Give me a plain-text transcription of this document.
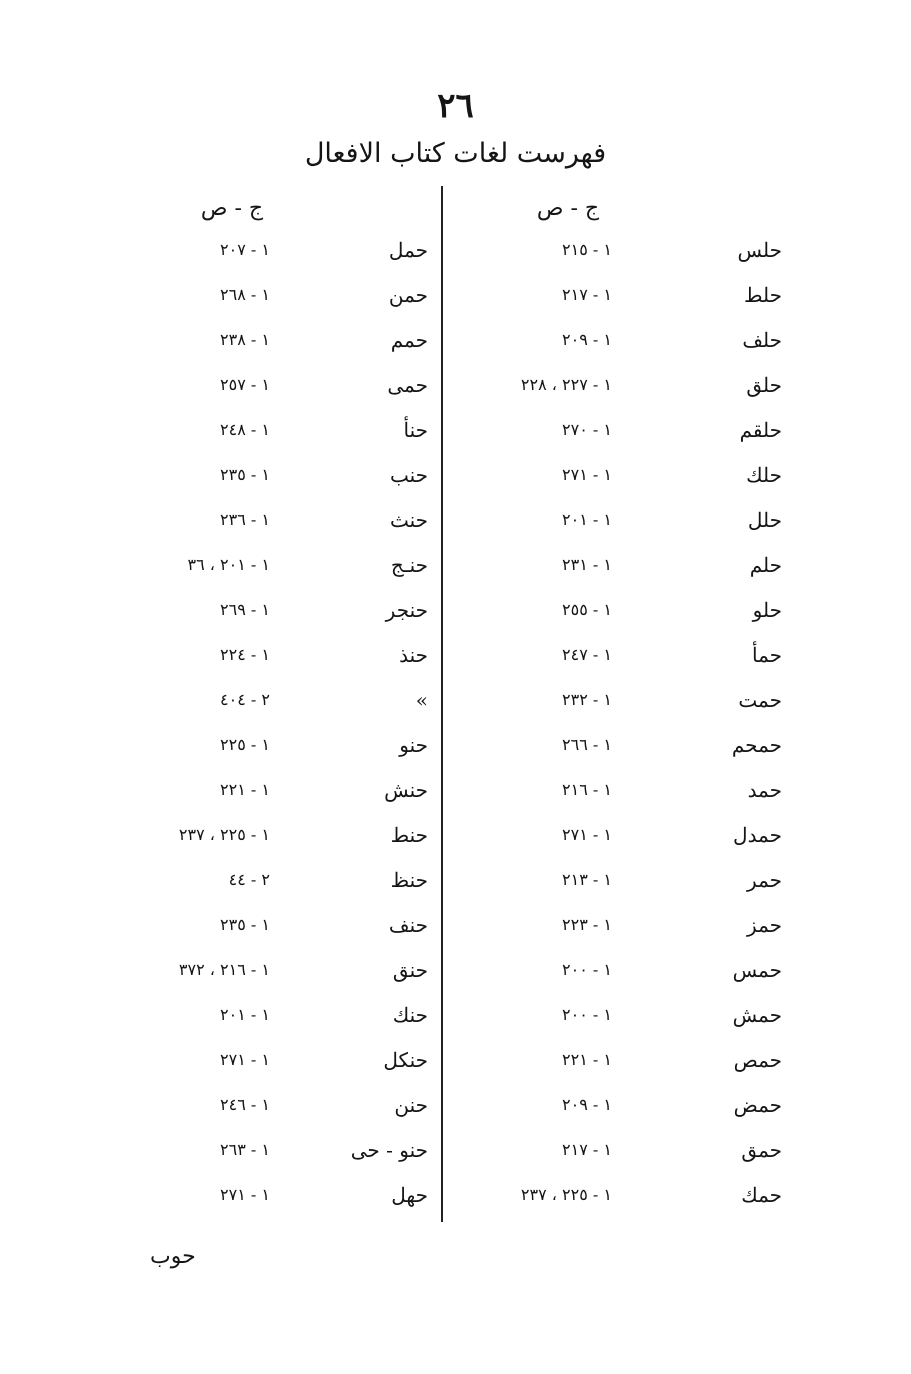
٢٦
فهرست لغات کتاب الافعال
ج - ص
ج - ص
حلس
١ - ٢١٥
حلط
١ - ٢١٧
حلف
١ - ٢٠٩
حلق
١ - ٢٢٧ ، ٢٢٨
حلقم
١ - ٢٧٠
حلك
١ - ٢٧١
حلل
١ - ٢٠١
حلم
١ - ٢٣١
حلو
١ - ٢٥٥
حمأ
١ - ٢٤٧
حمت
١ - ٢٣٢
حمحم
١ - ٢٦٦
حمد
١ - ٢١٦
حمدل
١ - ٢٧١
حمر
١ - ٢١٣
حمز
١ - ٢٢٣
حمس
١ - ٢٠٠
حمش
١ - ٢٠٠
حمص
١ - ٢٢١
حمض
١ - ٢٠٩
حمق
١ - ٢١٧
حمك
١ - ٢٢٥ ، ٢٣٧
حمل
١ - ٢٠٧
حمن
١ - ٢٦٨
حمم
١ - ٢٣٨
حمى
١ - ٢٥٧
حنأ
١ - ٢٤٨
حنب
١ - ٢٣٥
حنث
١ - ٢٣٦
حنـج
١ - ٢٠١ ، ٣٦
حنجر
١ - ٢٦٩
حنذ
١ - ٢٢٤
»
٢ - ٤٠٤
حنو
١ - ٢٢٥
حنش
١ - ٢٢١
حنط
١ - ٢٢٥ ، ٢٣٧
حنظ
٢ - ٤٤
حنف
١ - ٢٣٥
حنق
١ - ٢١٦ ، ٣٧٢
حنك
١ - ٢٠١
حنكل
١ - ٢٧١
حنن
١ - ٢٤٦
حنو - حى
١ - ٢٦٣
حهل
١ - ٢٧١
حوب
